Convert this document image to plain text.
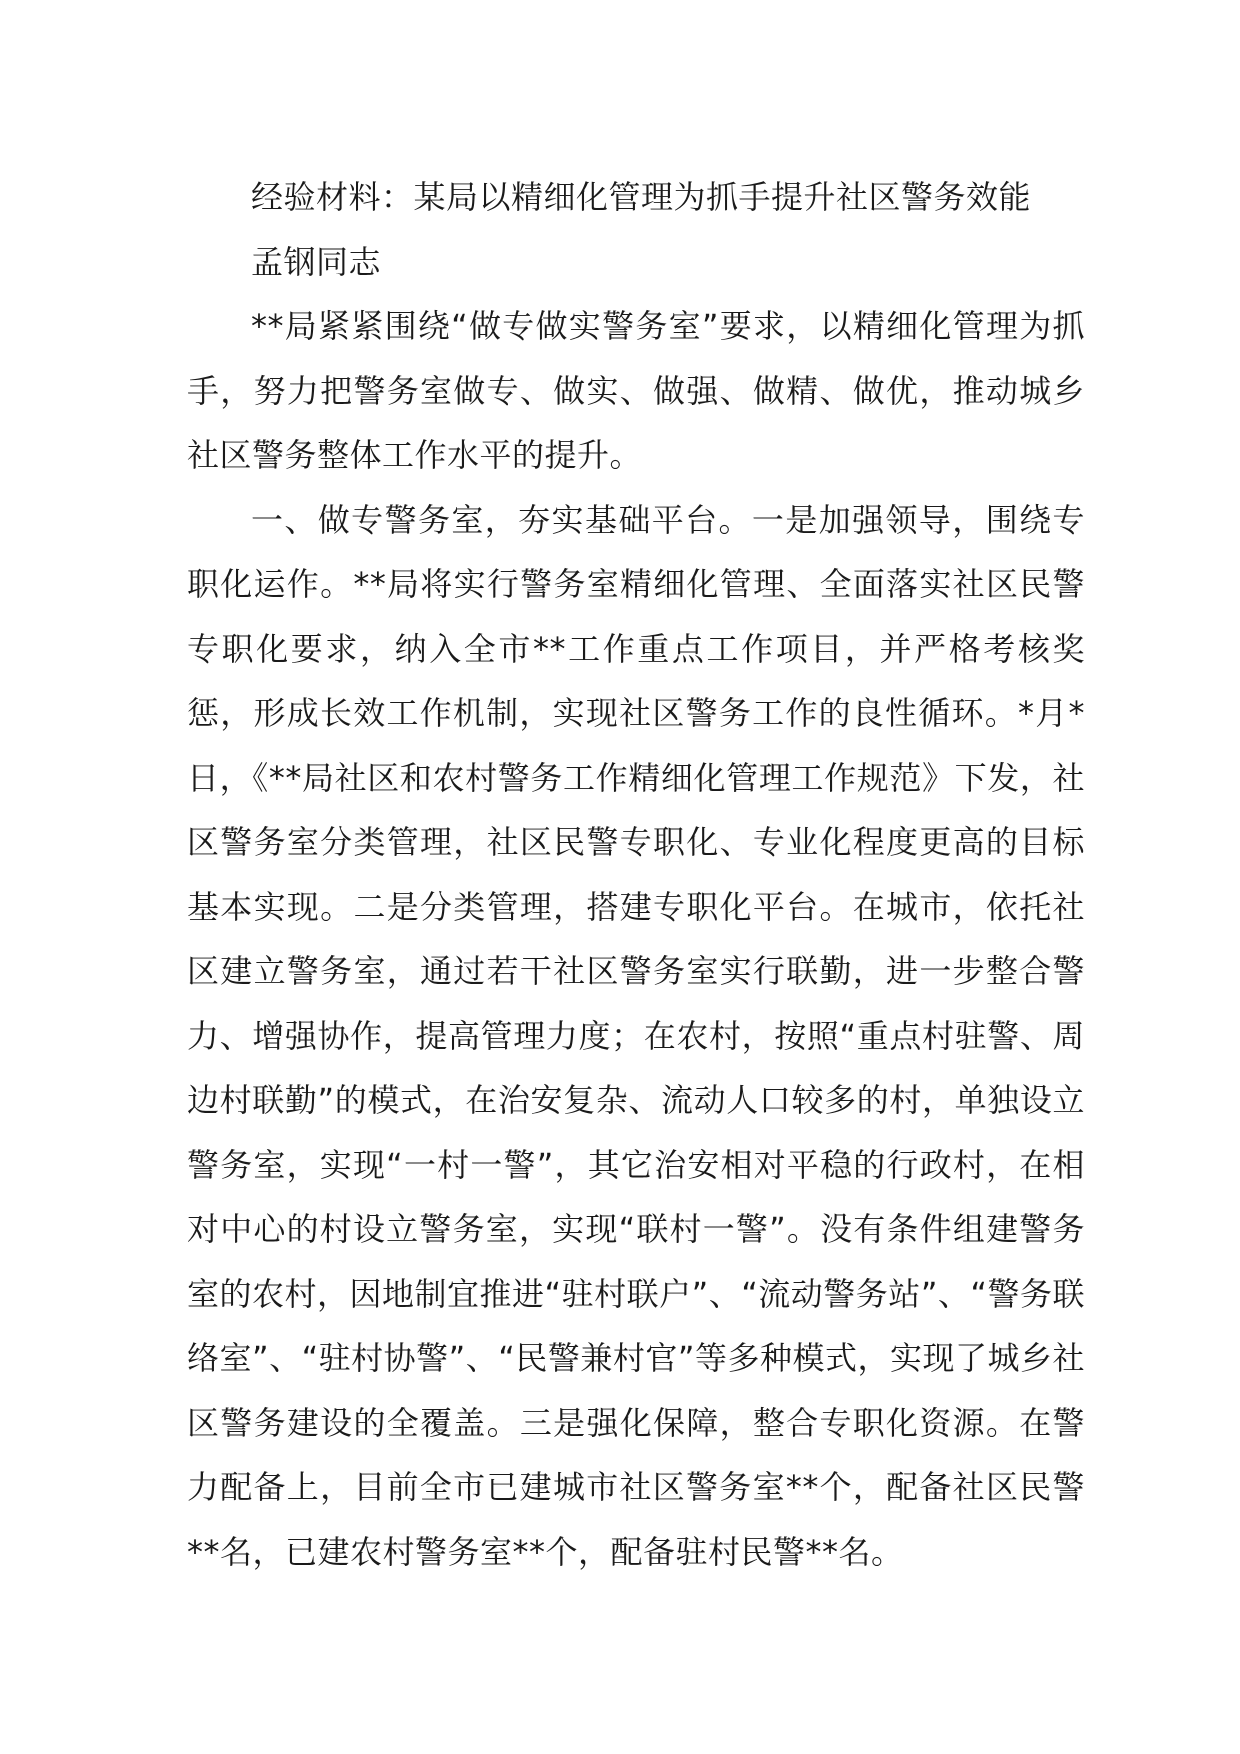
经验材料：某局以精细化管理为抓手提升社区警务效能
孟钢同志

**局紧紧围绕“做专做实警务室”要求，以精细化管理为抓手，努力把警务室做专、做实、做强、做精、做优，推动城乡社区警务整体工作水平的提升。

一、做专警务室，夯实基础平台。一是加强领导，围绕专职化运作。**局将实行警务室精细化管理、全面落实社区民警专职化要求，纳入全市**工作重点工作项目，并严格考核奖惩，形成长效工作机制，实现社区警务工作的良性循环。*月*日，《**局社区和农村警务工作精细化管理工作规范》下发，社区警务室分类管理，社区民警专职化、专业化程度更高的目标基本实现。二是分类管理，搭建专职化平台。在城市，依托社区建立警务室，通过若干社区警务室实行联勤，进一步整合警力、增强协作，提高管理力度；在农村，按照“重点村驻警、周边村联勤”的模式，在治安复杂、流动人口较多的村，单独设立警务室，实现“一村一警”，其它治安相对平稳的行政村，在相对中心的村设立警务室，实现“联村一警”。没有条件组建警务室的农村，因地制宜推进“驻村联户”、“流动警务站”、“警务联络室”、“驻村协警”、“民警兼村官”等多种模式，实现了城乡社区警务建设的全覆盖。三是强化保障，整合专职化资源。在警力配备上，目前全市已建城市社区警务室**个，配备社区民警**名，已建农村警务室**个，配备驻村民警**名。
